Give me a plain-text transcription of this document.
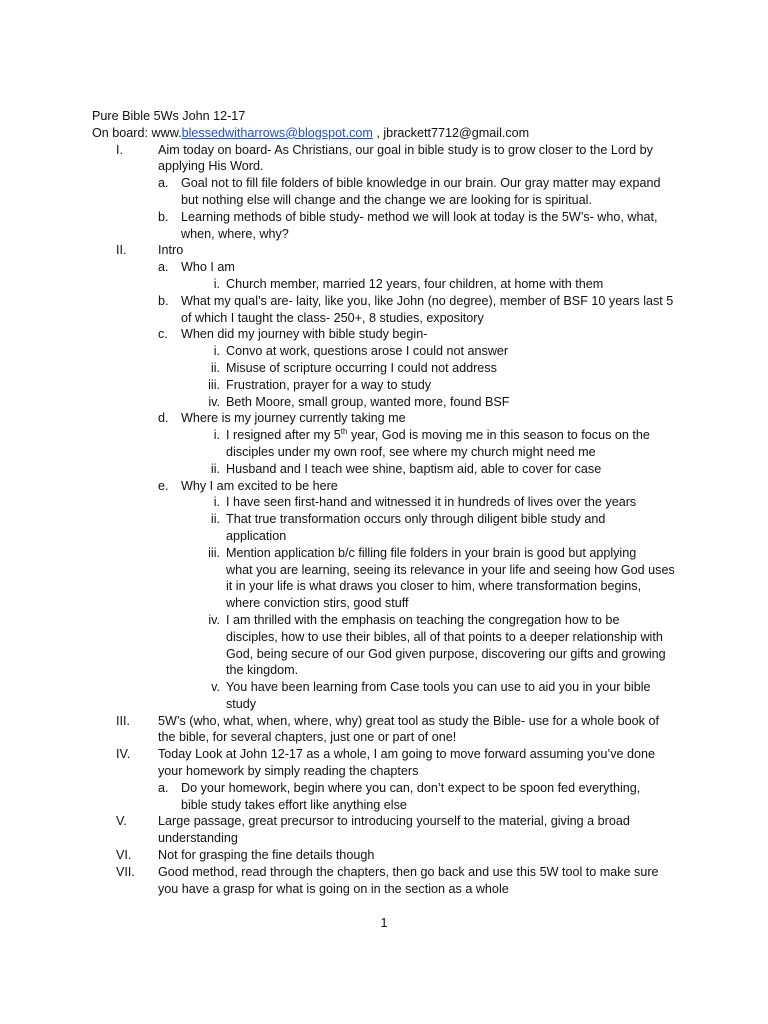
Pure Bible 5Ws John 12-17
On board: www.blessedwitharrows@blogspot.com , jbrackett7712@gmail.com
I.	Aim today on board- As Christians, our goal in bible study is to grow closer to the Lord by
applying His Word.
a. Goal not to fill file folders of bible knowledge in our brain. Our gray matter may expand
but nothing else will change and the change we are looking for is spiritual.
b. Learning methods of bible study- method we will look at today is the 5W’s- who, what,
when, where, why?
II.	Intro
a. Who I am
i. Church member, married 12 years, four children, at home with them
b. What my qual’s are- laity, like you, like John (no degree), member of BSF 10 years last 5
of which I taught the class- 250+, 8 studies, expository
c. When did my journey with bible study begin-
i. Convo at work, questions arose I could not answer
ii. Misuse of scripture occurring I could not address
iii. Frustration, prayer for a way to study
iv. Beth Moore, small group, wanted more, found BSF
d. Where is my journey currently taking me
i. I resigned after my 5th year, God is moving me in this season to focus on the
disciples under my own roof, see where my church might need me
ii. Husband and I teach wee shine, baptism aid, able to cover for case
e. Why I am excited to be here
i. I have seen first-hand and witnessed it in hundreds of lives over the years
ii. That true transformation occurs only through diligent bible study and
application
iii. Mention application b/c filling file folders in your brain is good but applying
what you are learning, seeing its relevance in your life and seeing how God uses
it in your life is what draws you closer to him, where transformation begins,
where conviction stirs, good stuff
iv. I am thrilled with the emphasis on teaching the congregation how to be
disciples, how to use their bibles, all of that points to a deeper relationship with
God, being secure of our God given purpose, discovering our gifts and growing
the kingdom.
v. You have been learning from Case tools you can use to aid you in your bible
study
III. 5W’s (who, what, when, where, why) great tool as study the Bible- use for a whole book of
the bible, for several chapters, just one or part of one!
IV. Today Look at John 12-17 as a whole, I am going to move forward assuming you’ve done
your homework by simply reading the chapters
a. Do your homework, begin where you can, don’t expect to be spoon fed everything,
bible study takes effort like anything else
V. Large passage, great precursor to introducing yourself to the material, giving a broad
understanding
VI. Not for grasping the fine details though
VII. Good method, read through the chapters, then go back and use this 5W tool to make sure
you have a grasp for what is going on in the section as a whole
1
